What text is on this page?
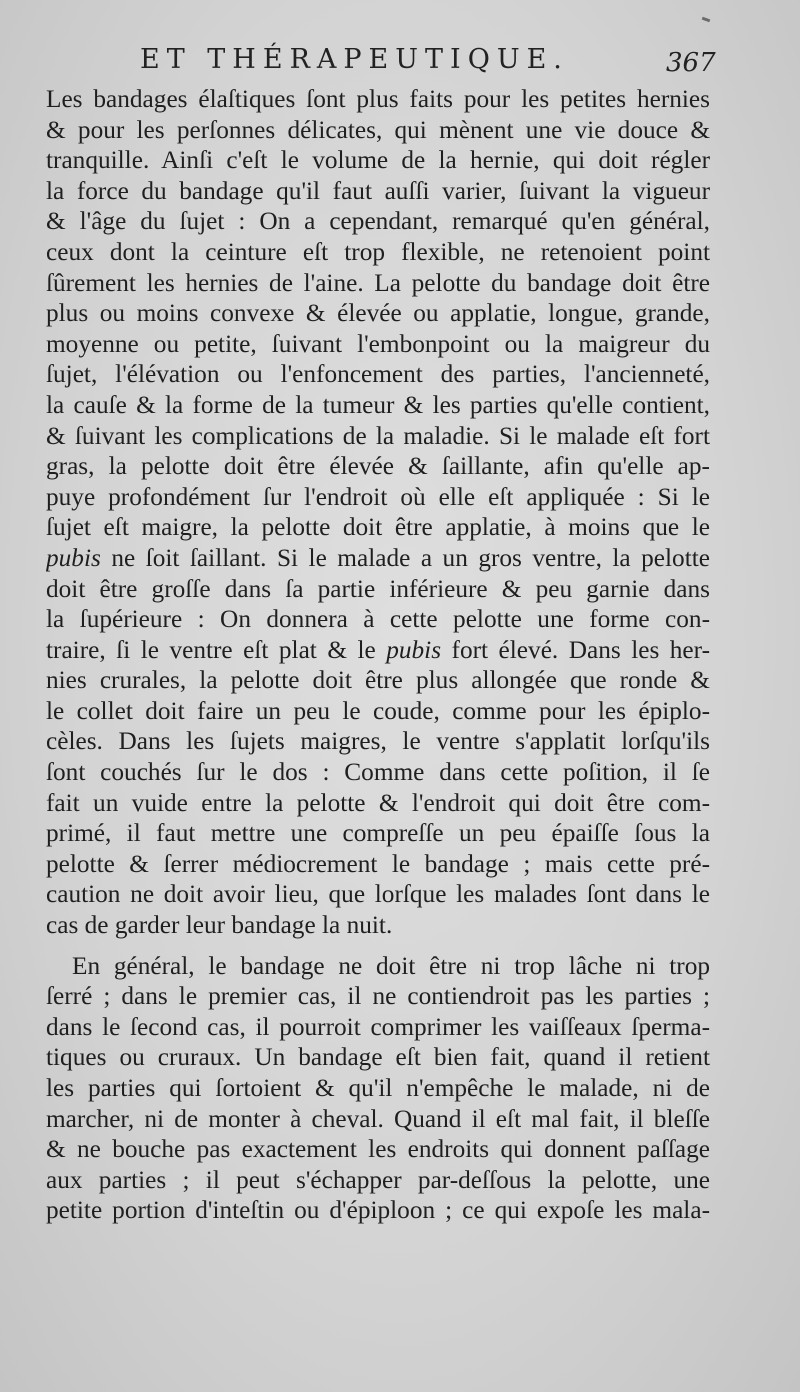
ET THÉRAPEUTIQUE.	367
Les bandages élaſtiques ſont plus faits pour les petites hernies
& pour les perſonnes délicates, qui mènent une vie douce &
tranquille. Ainſi c'eſt le volume de la hernie, qui doit régler
la force du bandage qu'il faut auſſi varier, ſuivant la vigueur
& l'âge du ſujet : On a cependant, remarqué qu'en général,
ceux dont la ceinture eſt trop flexible, ne retenoient point
ſûrement les hernies de l'aine. La pelotte du bandage doit être
plus ou moins convexe & élevée ou applatie, longue, grande,
moyenne ou petite, ſuivant l'embonpoint ou la maigreur du
ſujet, l'élévation ou l'enfoncement des parties, l'ancienneté,
la cauſe & la forme de la tumeur & les parties qu'elle contient,
& ſuivant les complications de la maladie. Si le malade eſt fort
gras, la pelotte doit être élevée & ſaillante, afin qu'elle ap-
puye profondément ſur l'endroit où elle eſt appliquée : Si le
ſujet eſt maigre, la pelotte doit être applatie, à moins que le
pubis ne ſoit ſaillant. Si le malade a un gros ventre, la pelotte
doit être groſſe dans ſa partie inférieure & peu garnie dans
la ſupérieure : On donnera à cette pelotte une forme con-
traire, ſi le ventre eſt plat & le pubis fort élevé. Dans les her-
nies crurales, la pelotte doit être plus allongée que ronde &
le collet doit faire un peu le coude, comme pour les épiplo-
cèles. Dans les ſujets maigres, le ventre s'applatit lorſqu'ils
ſont couchés ſur le dos : Comme dans cette poſition, il ſe
fait un vuide entre la pelotte & l'endroit qui doit être com-
primé, il faut mettre une compreſſe un peu épaiſſe ſous la
pelotte & ſerrer médiocrement le bandage ; mais cette pré-
caution ne doit avoir lieu, que lorſque les malades ſont dans le
cas de garder leur bandage la nuit.
En général, le bandage ne doit être ni trop lâche ni trop
ſerré ; dans le premier cas, il ne contiendroit pas les parties ;
dans le ſecond cas, il pourroit comprimer les vaiſſeaux ſperma-
tiques ou cruraux. Un bandage eſt bien fait, quand il retient
les parties qui ſortoient & qu'il n'empêche le malade, ni de
marcher, ni de monter à cheval. Quand il eſt mal fait, il bleſſe
& ne bouche pas exactement les endroits qui donnent paſſage
aux parties ; il peut s'échapper par-deſſous la pelotte, une
petite portion d'inteſtin ou d'épiploon ; ce qui expoſe les mala-
